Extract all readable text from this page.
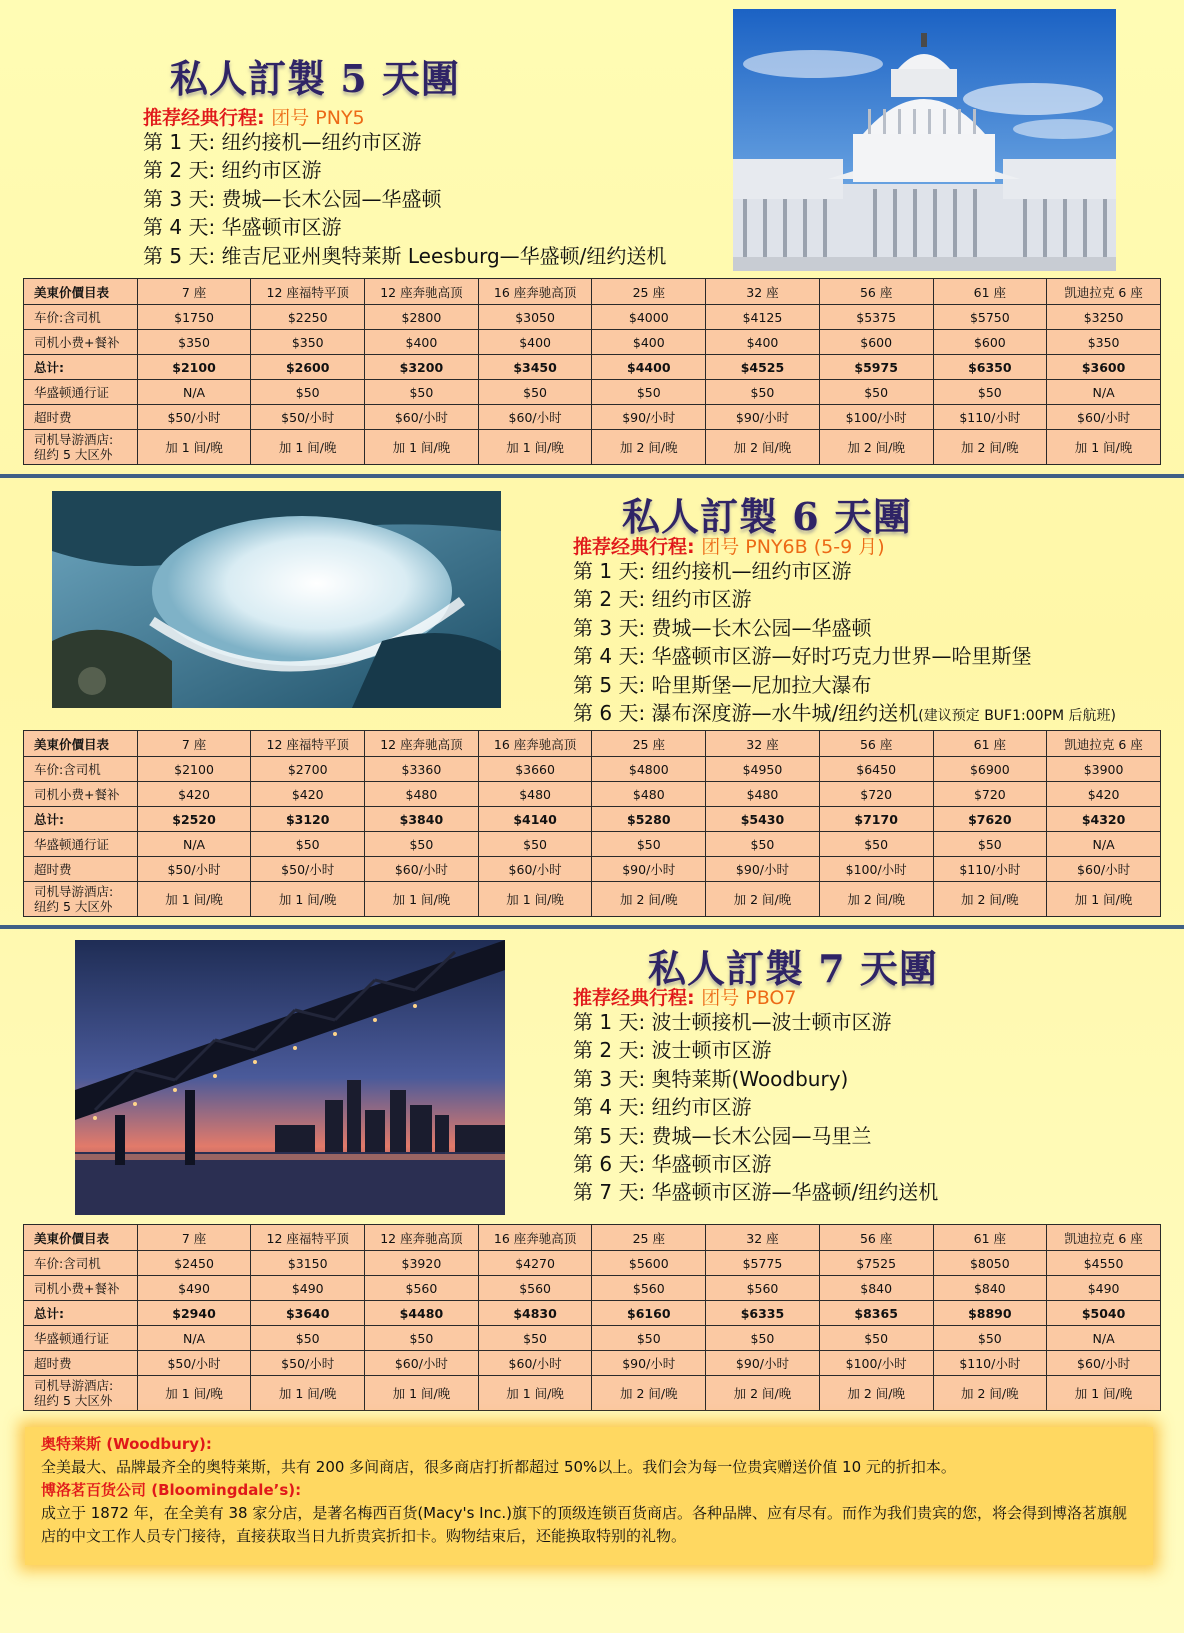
私人訂製 5 天團
推荐经典行程: 团号 PNY5
第 1 天: 纽约接机—纽约市区游
第 2 天: 纽约市区游
第 3 天: 费城—长木公园—华盛顿
第 4 天: 华盛顿市区游
第 5 天: 维吉尼亚州奥特莱斯 Leesburg—华盛顿/纽约送机
美東价價目表	7 座	12 座福特平顶	12 座奔驰高顶	16 座奔驰高顶	25 座	32 座	56 座	61 座	凯迪拉克 6 座
车价:含司机	$1750	$2250	$2800	$3050	$4000	$4125	$5375	$5750	$3250
司机小费+餐补	$350	$350	$400	$400	$400	$400	$600	$600	$350
总计:	$2100	$2600	$3200	$3450	$4400	$4525	$5975	$6350	$3600
华盛顿通行证	N/A	$50	$50	$50	$50	$50	$50	$50	N/A
超时费	$50/小时	$50/小时	$60/小时	$60/小时	$90/小时	$90/小时	$100/小时	$110/小时	$60/小时
司机导游酒店:
纽约 5 大区外	加 1 间/晚	加 1 间/晚	加 1 间/晚	加 1 间/晚	加 2 间/晚	加 2 间/晚	加 2 间/晚	加 2 间/晚	加 1 间/晚
私人訂製 6 天團
推荐经典行程: 团号 PNY6B (5-9 月)
第 1 天: 纽约接机—纽约市区游
第 2 天: 纽约市区游
第 3 天: 费城—长木公园—华盛顿
第 4 天: 华盛顿市区游—好时巧克力世界—哈里斯堡
第 5 天: 哈里斯堡—尼加拉大瀑布
第 6 天: 瀑布深度游—水牛城/纽约送机(建议预定 BUF1:00PM 后航班)
美東价價目表	7 座	12 座福特平顶	12 座奔驰高顶	16 座奔驰高顶	25 座	32 座	56 座	61 座	凯迪拉克 6 座
车价:含司机	$2100	$2700	$3360	$3660	$4800	$4950	$6450	$6900	$3900
司机小费+餐补	$420	$420	$480	$480	$480	$480	$720	$720	$420
总计:	$2520	$3120	$3840	$4140	$5280	$5430	$7170	$7620	$4320
华盛顿通行证	N/A	$50	$50	$50	$50	$50	$50	$50	N/A
超时费	$50/小时	$50/小时	$60/小时	$60/小时	$90/小时	$90/小时	$100/小时	$110/小时	$60/小时
司机导游酒店:
纽约 5 大区外	加 1 间/晚	加 1 间/晚	加 1 间/晚	加 1 间/晚	加 2 间/晚	加 2 间/晚	加 2 间/晚	加 2 间/晚	加 1 间/晚
私人訂製 7 天團
推荐经典行程: 团号 PBO7
第 1 天: 波士顿接机—波士顿市区游
第 2 天: 波士顿市区游
第 3 天: 奥特莱斯(Woodbury)
第 4 天: 纽约市区游
第 5 天: 费城—长木公园—马里兰
第 6 天: 华盛顿市区游
第 7 天: 华盛顿市区游—华盛顿/纽约送机
美東价價目表	7 座	12 座福特平顶	12 座奔驰高顶	16 座奔驰高顶	25 座	32 座	56 座	61 座	凯迪拉克 6 座
车价:含司机	$2450	$3150	$3920	$4270	$5600	$5775	$7525	$8050	$4550
司机小费+餐补	$490	$490	$560	$560	$560	$560	$840	$840	$490
总计:	$2940	$3640	$4480	$4830	$6160	$6335	$8365	$8890	$5040
华盛顿通行证	N/A	$50	$50	$50	$50	$50	$50	$50	N/A
超时费	$50/小时	$50/小时	$60/小时	$60/小时	$90/小时	$90/小时	$100/小时	$110/小时	$60/小时
司机导游酒店:
纽约 5 大区外	加 1 间/晚	加 1 间/晚	加 1 间/晚	加 1 间/晚	加 2 间/晚	加 2 间/晚	加 2 间/晚	加 2 间/晚	加 1 间/晚
奥特莱斯 (Woodbury):
全美最大、品牌最齐全的奥特莱斯，共有 200 多间商店，很多商店打折都超过 50%以上。我们会为每一位贵宾赠送价值 10 元的折扣本。
博洛茗百货公司 (Bloomingdale’s):
成立于 1872 年，在全美有 38 家分店，是著名梅西百货(Macy's Inc.)旗下的顶级连锁百货商店。各种品牌、应有尽有。而作为我们贵宾的您，将会得到博洛茗旗舰店的中文工作人员专门接待，直接获取当日九折贵宾折扣卡。购物结束后，还能换取特别的礼物。
